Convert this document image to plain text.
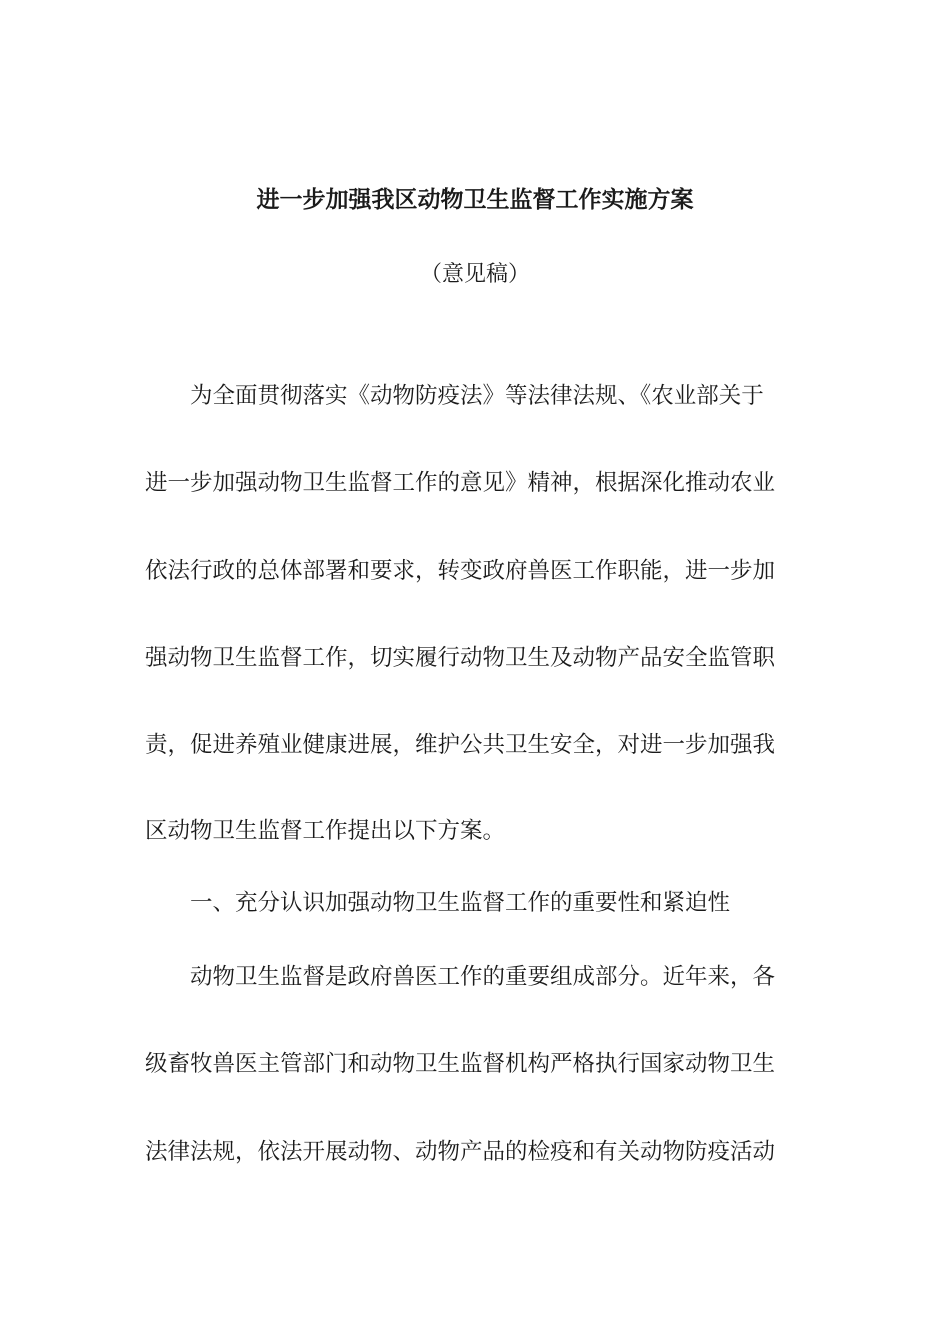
进一步加强我区动物卫生监督工作实施方案
（意见稿）
为全面贯彻落实《动物防疫法》等法律法规、《农业部关于
进一步加强动物卫生监督工作的意见》精神，根据深化推动农业
依法行政的总体部署和要求，转变政府兽医工作职能，进一步加
强动物卫生监督工作，切实履行动物卫生及动物产品安全监管职
责，促进养殖业健康进展，维护公共卫生安全，对进一步加强我
区动物卫生监督工作提出以下方案。
一、充分认识加强动物卫生监督工作的重要性和紧迫性
动物卫生监督是政府兽医工作的重要组成部分。近年来，各
级畜牧兽医主管部门和动物卫生监督机构严格执行国家动物卫生
法律法规，依法开展动物、动物产品的检疫和有关动物防疫活动
